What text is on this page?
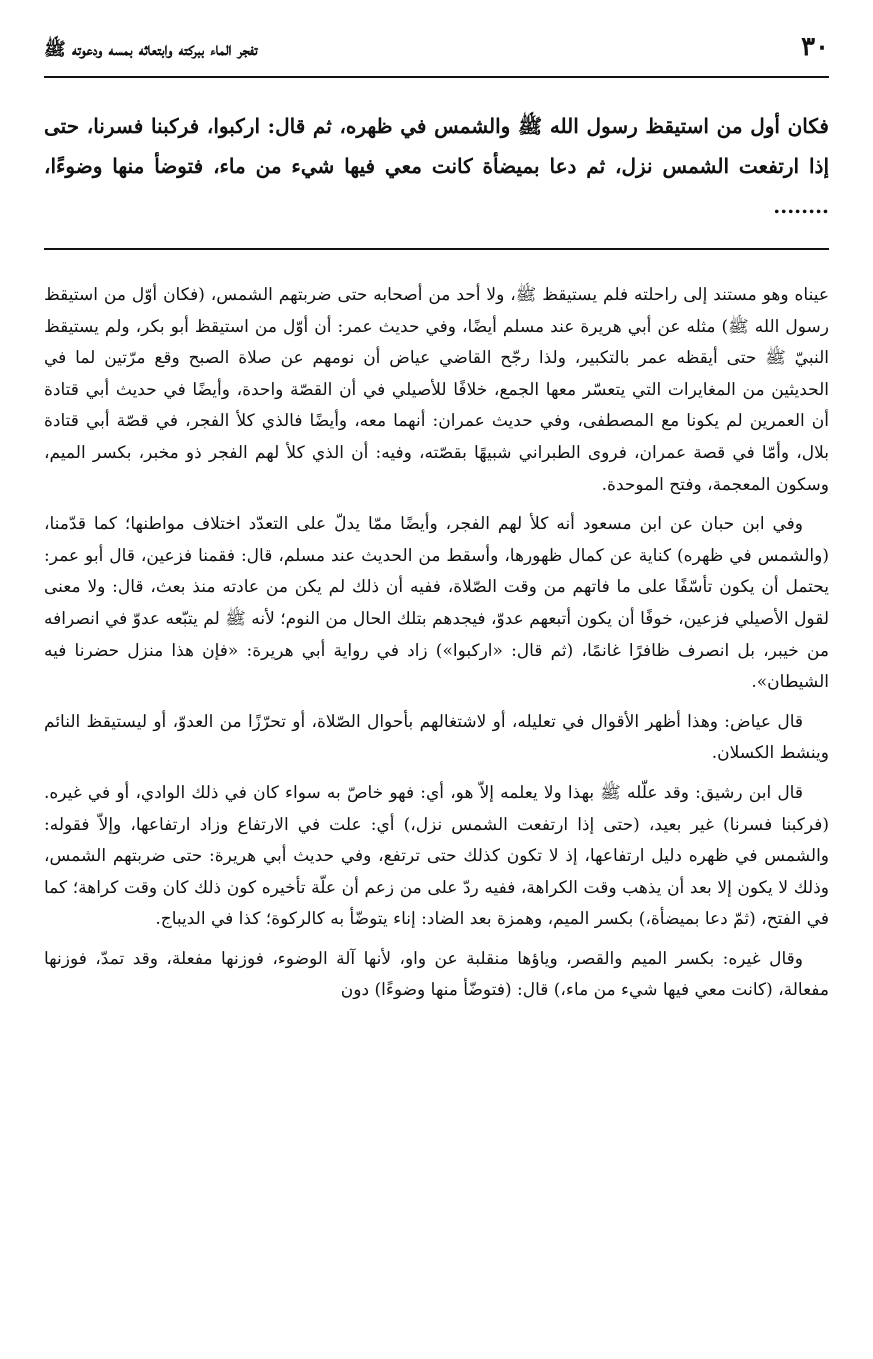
٣٠
تفجر الماء ببركته وابتعاثه بمسه ودعوته ﷺ

فكان أول من استيقظ رسول الله ﷺ والشمس في ظهره، ثم قال: اركبوا، فركبنا فسرنا، حتى إذا ارتفعت الشمس نزل، ثم دعا بميضأة كانت معي فيها شيء من ماء، فتوضأ منها وضوءًا، ........

عيناه وهو مستند إلى راحلته فلم يستيقظ ﷺ، ولا أحد من أصحابه حتى ضربتهم الشمس، (فكان أوّل من استيقظ رسول الله ﷺ) مثله عن أبي هريرة عند مسلم أيضًا، وفي حديث عمر: أن أوّل من استيقظ أبو بكر، ولم يستيقظ النبيّ ﷺ حتى أيقظه عمر بالتكبير، ولذا رجّح القاضي عياض أن نومهم عن صلاة الصبح وقع مرّتين لما في الحديثين من المغايرات التي يتعسّر معها الجمع، خلافًا للأصيلي في أن القصّة واحدة، وأيضًا في حديث أبي قتادة أن العمرين لم يكونا مع المصطفى، وفي حديث عمران: أنهما معه، وأيضًا فالذي كلأ الفجر، في قصّة أبي قتادة بلال، وأمّا في قصة عمران، فروى الطبراني شبيهًا بقصّته، وفيه: أن الذي كلأ لهم الفجر ذو مخبر، بكسر الميم، وسكون المعجمة، وفتح الموحدة.

وفي ابن حبان عن ابن مسعود أنه كلأ لهم الفجر، وأيضًا ممّا يدلّ على التعدّد اختلاف مواطنها؛ كما قدّمنا، (والشمس في ظهره) كناية عن كمال ظهورها، وأسقط من الحديث عند مسلم، قال: فقمنا فزعين، قال أبو عمر: يحتمل أن يكون تأسّفًا على ما فاتهم من وقت الصّلاة، ففيه أن ذلك لم يكن من عادته منذ بعث، قال: ولا معنى لقول الأصيلي فزعين، خوفًا أن يكون أتبعهم عدوّ، فيجدهم بتلك الحال من النوم؛ لأنه ﷺ لم يتبّعه عدوّ في انصرافه من خيبر، بل انصرف ظافرًا غانمًا، (ثم قال: «اركبوا») زاد في رواية أبي هريرة: «فإن هذا منزل حضرنا فيه الشيطان».

قال عياض: وهذا أظهر الأقوال في تعليله، أو لاشتغالهم بأحوال الصّلاة، أو تحرّزًا من العدوّ، أو ليستيقظ النائم وينشط الكسلان.

قال ابن رشيق: وقد علّله ﷺ بهذا ولا يعلمه إلاّ هو، أي: فهو خاصّ به سواء كان في ذلك الوادي، أو في غيره. (فركبنا فسرنا) غير بعيد، (حتى إذا ارتفعت الشمس نزل،) أي: علت في الارتفاع وزاد ارتفاعها، وإلاّ فقوله: والشمس في ظهره دليل ارتفاعها، إذ لا تكون كذلك حتى ترتفع، وفي حديث أبي هريرة: حتى ضربتهم الشمس، وذلك لا يكون إلا بعد أن يذهب وقت الكراهة، ففيه ردّ على من زعم أن علّة تأخيره كون ذلك كان وقت كراهة؛ كما في الفتح، (ثمّ دعا بميضأة،) بكسر الميم، وهمزة بعد الضاد: إناء يتوضّأ به كالركوة؛ كذا في الديباج.

وقال غيره: بكسر الميم والقصر، وياؤها منقلبة عن واو، لأنها آلة الوضوء، فوزنها مفعلة، وقد تمدّ، فوزنها مفعالة، (كانت معي فيها شيء من ماء،) قال: (فتوضّأ منها وضوءًا) دون
